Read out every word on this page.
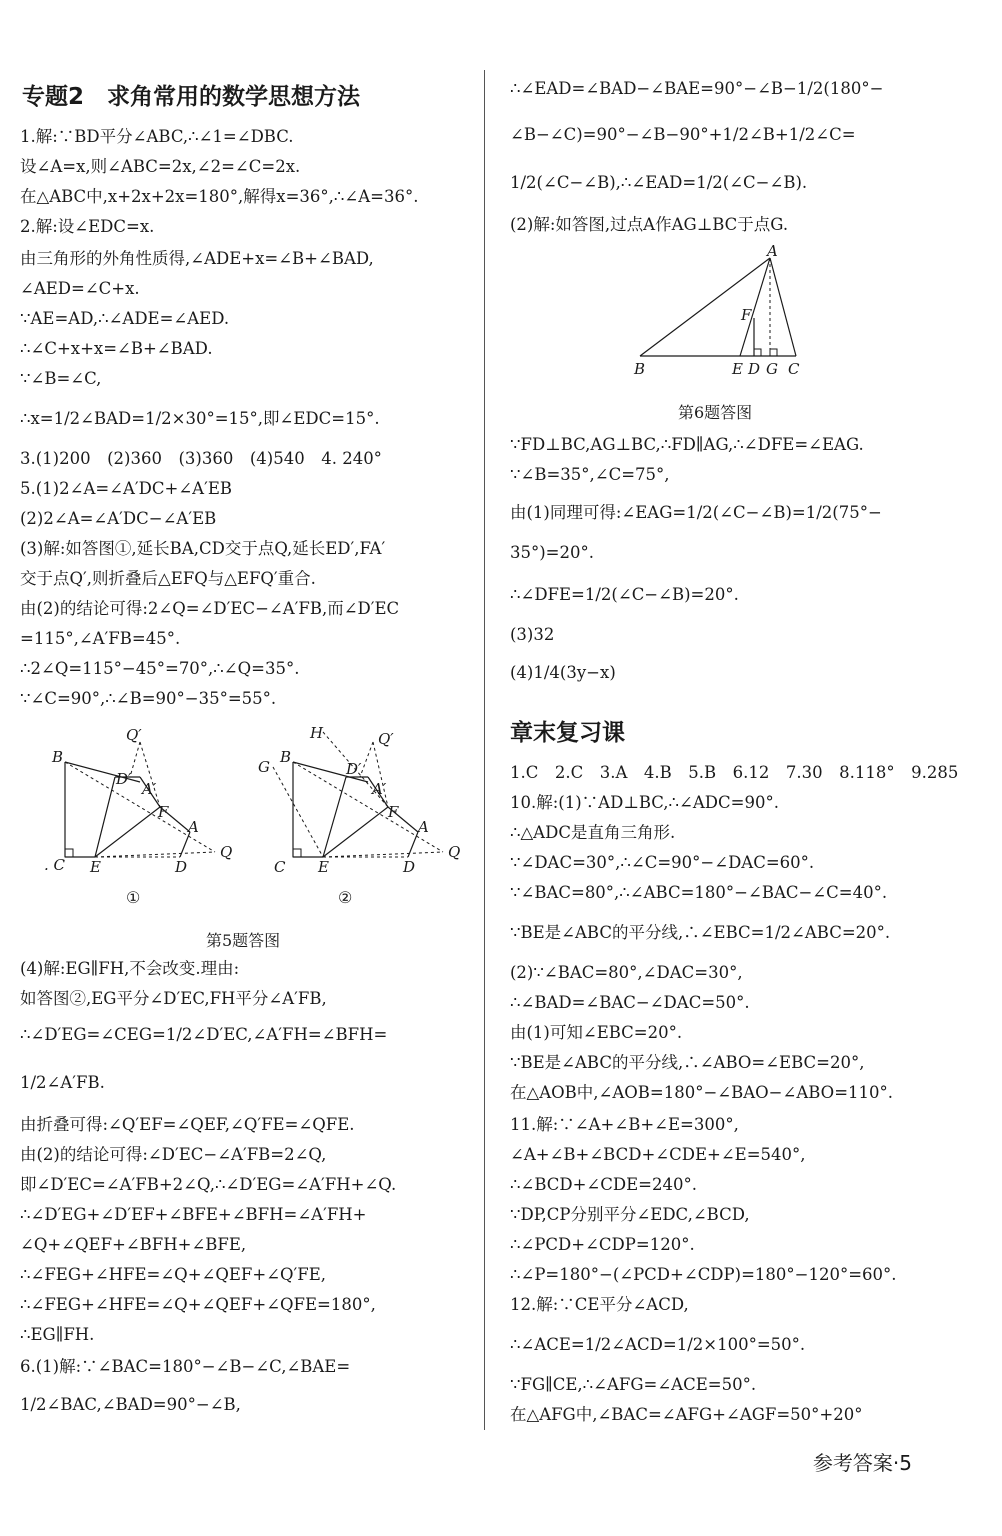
专题2　求角常用的数学思想方法
1.解:∵BD平分∠ABC,∴∠1=∠DBC.
设∠A=x,则∠ABC=2x,∠2=∠C=2x.
在△ABC中,x+2x+2x=180°,解得x=36°,∴∠A=36°.
2.解:设∠EDC=x.
由三角形的外角性质得,∠ADE+x=∠B+∠BAD,
∠AED=∠C+x.
∵AE=AD,∴∠ADE=∠AED.
∴∠C+x+x=∠B+∠BAD.
∵∠B=∠C,
∴x=1/2∠BAD=1/2×30°=15°,即∠EDC=15°.
3.(1)200　(2)360　(3)360　(4)540　4. 240°
5.(1)2∠A=∠A′DC+∠A′EB
(2)2∠A=∠A′DC−∠A′EB
(3)解:如答图①,延长BA,CD交于点Q,延长ED′,FA′
交于点Q′,则折叠后△EFQ与△EFQ′重合.
由(2)的结论可得:2∠Q=∠D′EC−∠A′FB,而∠D′EC
=115°,∠A′FB=45°.
∴2∠Q=115°−45°=70°,∴∠Q=35°.
∵∠C=90°,∴∠B=90°−35°=55°.
B
Q′
D′
A′
F
A
. C E	D
Q
①
H
G
B
Q′
D′
A′
F
A
C E	D
Q
②
第5题答图
(4)解:EG∥FH,不会改变.理由:
如答图②,EG平分∠D′EC,FH平分∠A′FB,
∴∠D′EG=∠CEG=1/2∠D′EC,∠A′FH=∠BFH=
1/2∠A′FB.
由折叠可得:∠Q′EF=∠QEF,∠Q′FE=∠QFE.
由(2)的结论可得:∠D′EC−∠A′FB=2∠Q,
即∠D′EC=∠A′FB+2∠Q,∴∠D′EG=∠A′FH+∠Q.
∴∠D′EG+∠D′EF+∠BFE+∠BFH=∠A′FH+
∠Q+∠QEF+∠BFH+∠BFE,
∴∠FEG+∠HFE=∠Q+∠QEF+∠Q′FE,
∴∠FEG+∠HFE=∠Q+∠QEF+∠QFE=180°,
∴EG∥FH.
6.(1)解:∵∠BAC=180°−∠B−∠C,∠BAE=
1/2∠BAC,∠BAD=90°−∠B,
∴∠EAD=∠BAD−∠BAE=90°−∠B−1/2(180°−
∠B−∠C)=90°−∠B−90°+1/2∠B+1/2∠C=
1/2(∠C−∠B),∴∠EAD=1/2(∠C−∠B).
(2)解:如答图,过点A作AG⊥BC于点G.
A
F
B	E D G C
第6题答图
∵FD⊥BC,AG⊥BC,∴FD∥AG,∴∠DFE=∠EAG.
∵∠B=35°,∠C=75°,
由(1)同理可得:∠EAG=1/2(∠C−∠B)=1/2(75°−
35°)=20°.
∴∠DFE=1/2(∠C−∠B)=20°.
(3)32
(4)1/4(3y−x)
章末复习课
1.C　2.C　3.A　4.B　5.B　6.12　7.30　8.118°　9.285
10.解:(1)∵AD⊥BC,∴∠ADC=90°.
∴△ADC是直角三角形.
∵∠DAC=30°,∴∠C=90°−∠DAC=60°.
∵∠BAC=80°,∴∠ABC=180°−∠BAC−∠C=40°.
∵BE是∠ABC的平分线,∴∠EBC=1/2∠ABC=20°.
(2)∵∠BAC=80°,∠DAC=30°,
∴∠BAD=∠BAC−∠DAC=50°.
由(1)可知∠EBC=20°.
∵BE是∠ABC的平分线,∴∠ABO=∠EBC=20°,
在△AOB中,∠AOB=180°−∠BAO−∠ABO=110°.
11.解:∵∠A+∠B+∠E=300°,
∠A+∠B+∠BCD+∠CDE+∠E=540°,
∴∠BCD+∠CDE=240°.
∵DP,CP分别平分∠EDC,∠BCD,
∴∠PCD+∠CDP=120°.
∴∠P=180°−(∠PCD+∠CDP)=180°−120°=60°.
12.解:∵CE平分∠ACD,
∴∠ACE=1/2∠ACD=1/2×100°=50°.
∵FG∥CE,∴∠AFG=∠ACE=50°.
在△AFG中,∠BAC=∠AFG+∠AGF=50°+20°
参考答案·5
